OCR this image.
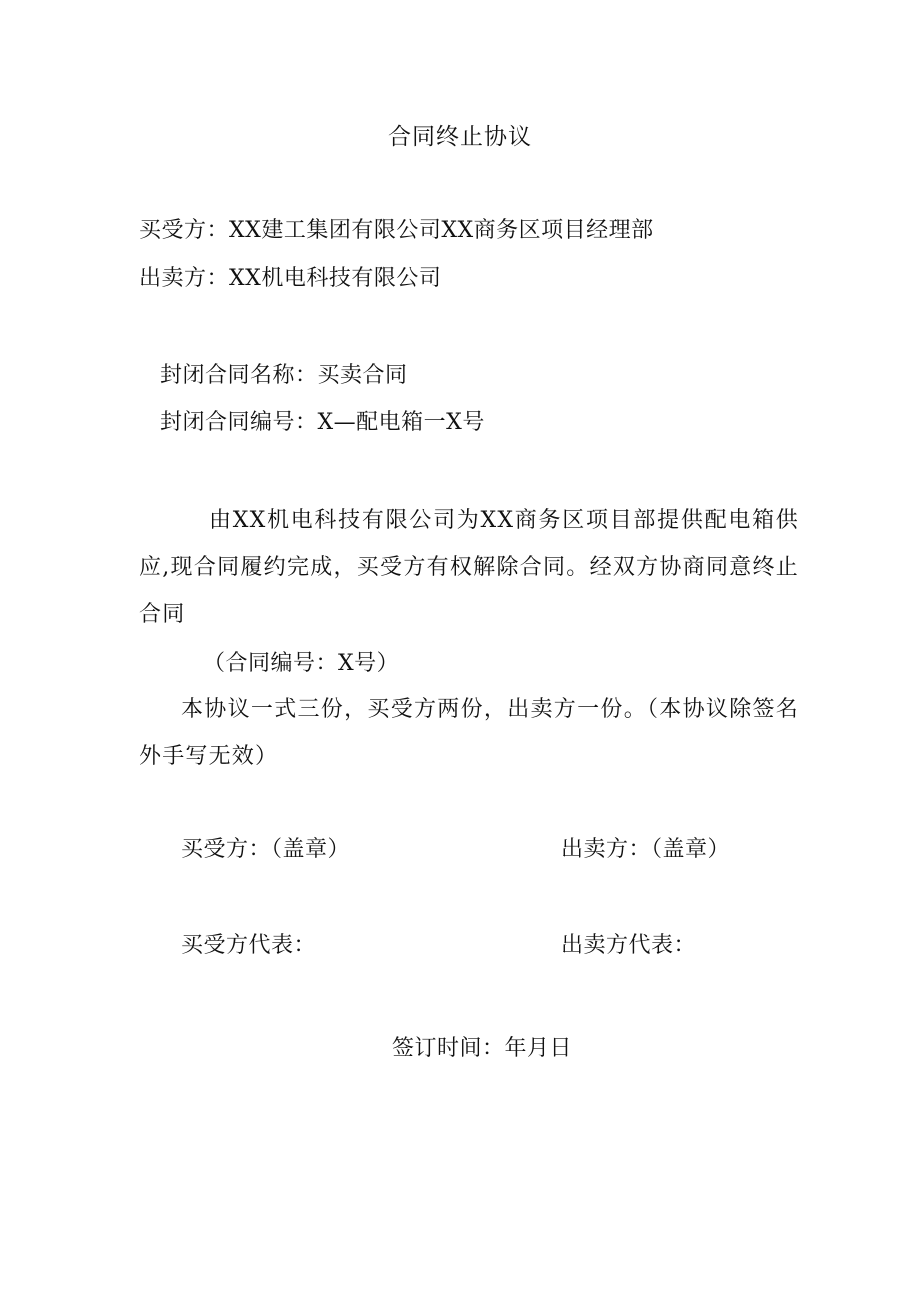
合同终止协议
买受方：XX建工集团有限公司XX商务区项目经理部
出卖方：XX机电科技有限公司
封闭合同名称：买卖合同
封闭合同编号：X—配电箱一X号
由XX机电科技有限公司为XX商务区项目部提供配电箱供应,现合同履约完成，买受方有权解除合同。经双方协商同意终止合同
（合同编号：X号）
本协议一式三份，买受方两份，出卖方一份。（本协议除签名外手写无效）
买受方：（盖章）	出卖方：（盖章）
买受方代表：	出卖方代表：
签订时间：年月日
